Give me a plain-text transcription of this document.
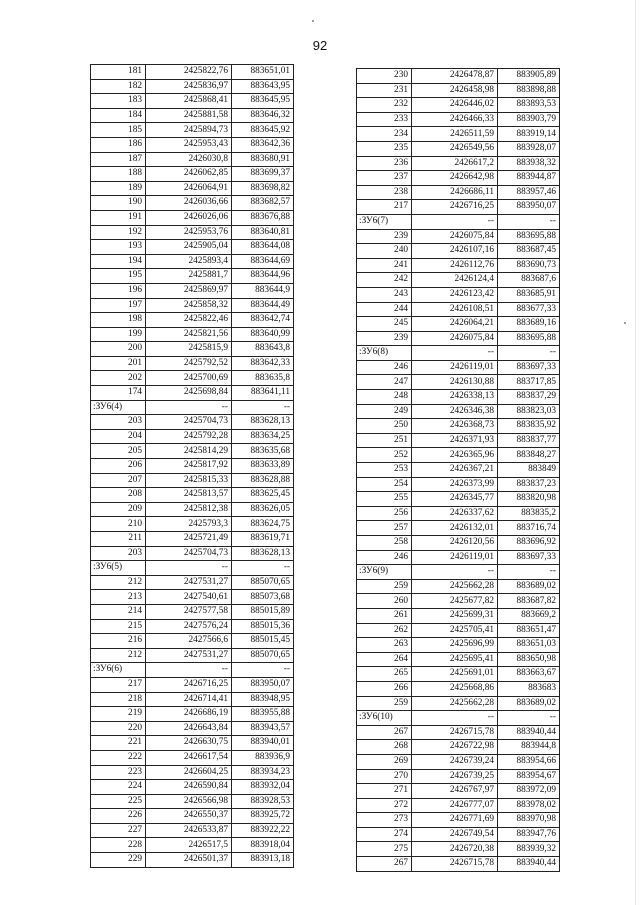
92
181	2425822,76	883651,01
182	2425836,97	883643,95
183	2425868,41	883645,95
184	2425881,58	883646,32
185	2425894,73	883645,92
186	2425953,43	883642,36
187	2426030,8	883680,91
188	2426062,85	883699,37
189	2426064,91	883698,82
190	2426036,66	883682,57
191	2426026,06	883676,88
192	2425953,76	883640,81
193	2425905,04	883644,08
194	2425893,4	883644,69
195	2425881,7	883644,96
196	2425869,97	883644,9
197	2425858,32	883644,49
198	2425822,46	883642,74
199	2425821,56	883640,99
200	2425815,9	883643,8
201	2425792,52	883642,33
202	2425700,69	883635,8
174	2425698,84	883641,11
:ЗУ6(4)	--	--
203	2425704,73	883628,13
204	2425792,28	883634,25
205	2425814,29	883635,68
206	2425817,92	883633,89
207	2425815,33	883628,88
208	2425813,57	883625,45
209	2425812,38	883626,05
210	2425793,3	883624,75
211	2425721,49	883619,71
203	2425704,73	883628,13
:ЗУ6(5)	--	--
212	2427531,27	885070,65
213	2427540,61	885073,68
214	2427577,58	885015,89
215	2427576,24	885015,36
216	2427566,6	885015,45
212	2427531,27	885070,65
:ЗУ6(6)	--	--
217	2426716,25	883950,07
218	2426714,41	883948,95
219	2426686,19	883955,88
220	2426643,84	883943,57
221	2426630,75	883940,01
222	2426617,54	883936,9
223	2426604,25	883934,23
224	2426590,84	883932,04
225	2426566,98	883928,53
226	2426550,37	883925,72
227	2426533,87	883922,22
228	2426517,5	883918,04
229	2426501,37	883913,18
230	2426478,87	883905,89
231	2426458,98	883898,88
232	2426446,02	883893,53
233	2426466,33	883903,79
234	2426511,59	883919,14
235	2426549,56	883928,07
236	2426617,2	883938,32
237	2426642,98	883944,87
238	2426686,11	883957,46
217	2426716,25	883950,07
:ЗУ6(7)	--	--
239	2426075,84	883695,88
240	2426107,16	883687,45
241	2426112,76	883690,73
242	2426124,4	883687,6
243	2426123,42	883685,91
244	2426108,51	883677,33
245	2426064,21	883689,16
239	2426075,84	883695,88
:ЗУ6(8)	--	--
246	2426119,01	883697,33
247	2426130,88	883717,85
248	2426338,13	883837,29
249	2426346,38	883823,03
250	2426368,73	883835,92
251	2426371,93	883837,77
252	2426365,96	883848,27
253	2426367,21	883849
254	2426373,99	883837,23
255	2426345,77	883820,98
256	2426337,62	883835,2
257	2426132,01	883716,74
258	2426120,56	883696,92
246	2426119,01	883697,33
:ЗУ6(9)	--	--
259	2425662,28	883689,02
260	2425677,82	883687,82
261	2425699,31	883669,2
262	2425705,41	883651,47
263	2425696,99	883651,03
264	2425695,41	883650,98
265	2425691,01	883663,67
266	2425668,86	883683
259	2425662,28	883689,02
:ЗУ6(10)	--	--
267	2426715,78	883940,44
268	2426722,98	883944,8
269	2426739,24	883954,66
270	2426739,25	883954,67
271	2426767,97	883972,09
272	2426777,07	883978,02
273	2426771,69	883970,98
274	2426749,54	883947,76
275	2426720,38	883939,32
267	2426715,78	883940,44
